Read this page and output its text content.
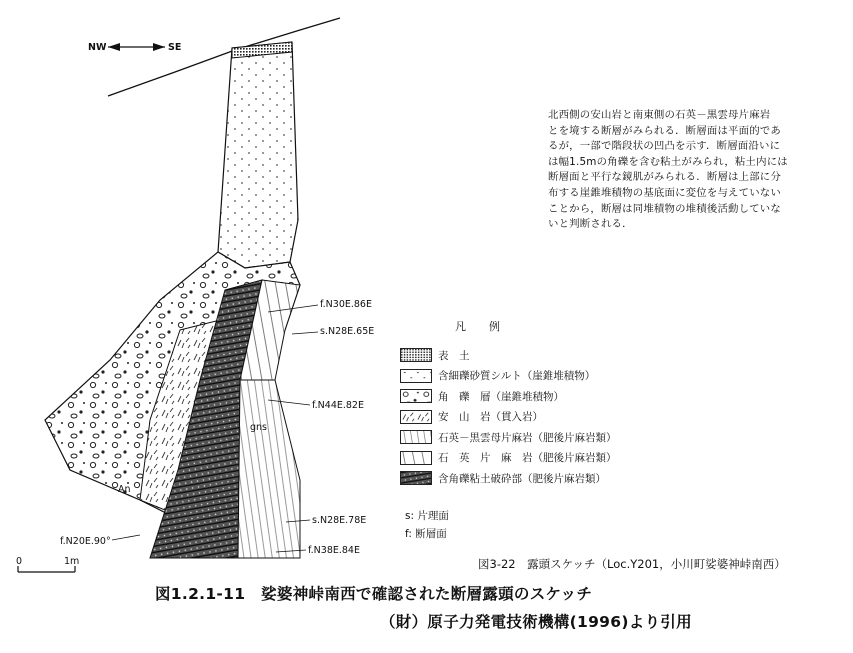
NW	SE
gns
An
f.N30E.86E
s.N28E.65E
f.N44E.82E
s.N28E.78E
f.N20E.90°
f.N38E.84E
0	1m
北西側の安山岩と南東側の石英－黒雲母片麻岩
とを境する断層がみられる．断層面は平面的であ
るが，一部で階段状の凹凸を示す．断層面沿いに
は幅1.5mの角礫を含む粘土がみられ，粘土内には
断層面と平行な鏡肌がみられる．断層は上部に分
布する崖錐堆積物の基底面に変位を与えていない
ことから，断層は同堆積物の堆積後活動していな
いと判断される．
凡　例
表　土
含細礫砂質シルト（崖錐堆積物）
角　礫　層（崖錐堆積物）
安　山　岩（貫入岩）
石英－黒雲母片麻岩（肥後片麻岩類）
石　英　片　麻　岩（肥後片麻岩類）
含角礫粘土破砕部（肥後片麻岩類）
s: 片理面
f: 断層面
図3-22　露頭スケッチ（Loc.Y201，小川町娑婆神峠南西）
図1.2.1-11　娑婆神峠南西で確認された断層露頭のスケッチ
（財）原子力発電技術機構(1996)より引用
